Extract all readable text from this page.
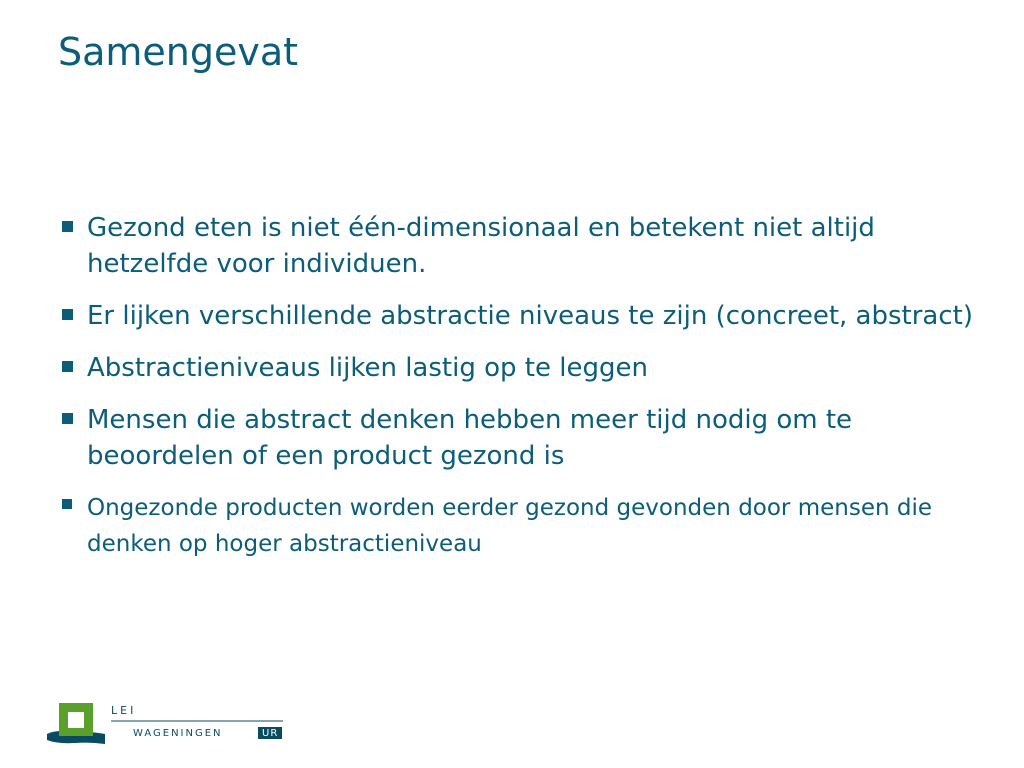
Samengevat
Gezond eten is niet één-dimensionaal en betekent niet altijd hetzelfde voor individuen.
Er lijken verschillende abstractie niveaus te zijn (concreet, abstract)
Abstractieniveaus lijken lastig op te leggen
Mensen die abstract denken hebben meer tijd nodig om te beoordelen of een product gezond is
Ongezonde producten worden eerder gezond gevonden door mensen die denken op hoger abstractieniveau
LEI
WAGENINGEN	UR
